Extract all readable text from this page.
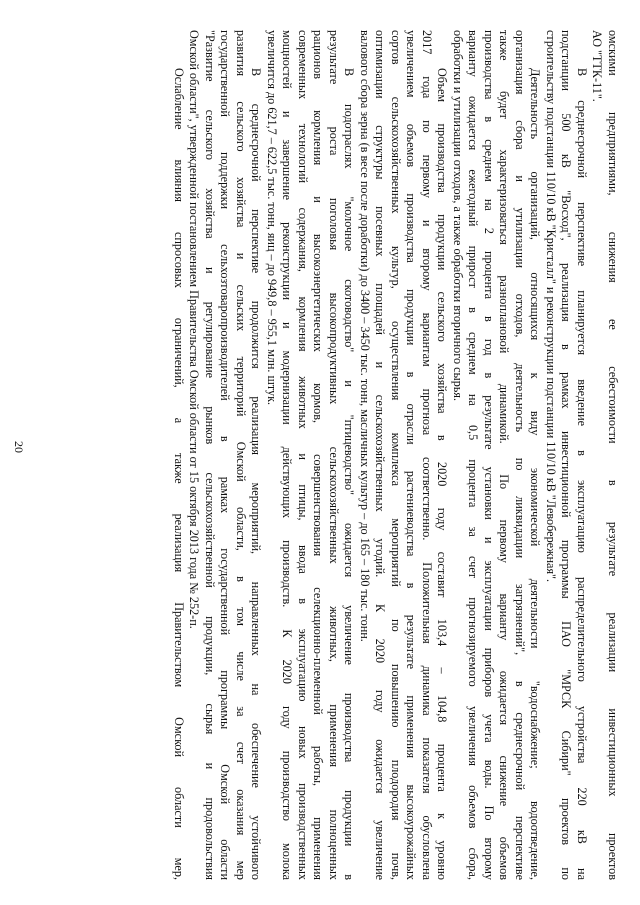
20	омскими предприятиями, снижения ее себестоимости в результате реализации инвестиционных проектов
АО "ТТК-11".
В среднесрочной перспективе планируется введение в эксплуатацию распределительного устройства 220 кВ на
подстанции 500 кВ "Восход", реализация в рамках инвестиционной программы ПАО "МРСК Сибири" проектов по
строительству подстанции 110/10 кВ "Кристалл" и реконструкции подстанции 110/10 кВ "Левобережная".
Деятельность организаций, относящихся к виду экономической деятельности "водоснабжение; водоотведение,
организация сбора и утилизации отходов, деятельность по ликвидации загрязнений", в среднесрочной перспективе
также будет характеризоваться разноплановой динамикой. По первому варианту ожидается снижение объемов
производства в среднем на 2 процента в год в результате установки и эксплуатации приборов учета воды. По второму
варианту ожидается ежегодный прирост в среднем на 0,5 процента за счет прогнозируемого увеличения объемов сбора,
обработки и утилизации отходов, а также обработки вторичного сырья.
Объем производства продукции сельского хозяйства в 2020 году составит 103,4 – 104,8 процента к уровню
2017 года по первому и второму вариантам прогноза соответственно. Положительная динамика показателя обусловлена
увеличением объемов производства продукции в отрасли растениеводства в результате применения высокоурожайных
сортов сельскохозяйственных культур, осуществления комплекса мероприятий по повышению плодородия почв,
оптимизации структуры посевных площадей и сельскохозяйственных угодий. К 2020 году ожидается увеличение
валового сбора зерна (в весе после доработки) до 3400 – 3450 тыс. тонн, масличных культур – до 165 – 180 тыс. тонн.
В подотраслях "молочное скотоводство" и "птицеводство" ожидается увеличение производства продукции в
результате роста поголовья высокопродуктивных сельскохозяйственных животных, применения полноценных
рационов кормления и высокоэнергетических кормов, совершенствования селекционно-племенной работы, применения
современных технологий содержания, кормления животных и птицы, ввода в эксплуатацию новых производственных
мощностей и завершение реконструкции и модернизации действующих производств. К 2020 году производство молока
увеличится до 621,7 – 622,5 тыс. тонн, яиц – до 949,8 – 955,1 млн. штук.
В среднесрочной перспективе продолжится реализация мероприятий, направленных на обеспечение устойчивого
развития сельского хозяйства и сельских территорий Омской области, в том числе за счет оказания мер
государственной поддержки сельхозтоваропроизводителей в рамках государственной программы Омской области
"Развитие сельского хозяйства и регулирование рынков сельскохозяйственной продукции, сырья и продовольствия
Омской области", утвержденной постановлением Правительства Омской области от 15 октября 2013 года № 252-п.
Ослабление влияния спросовых ограничений, а также реализация Правительством Омской области мер,
